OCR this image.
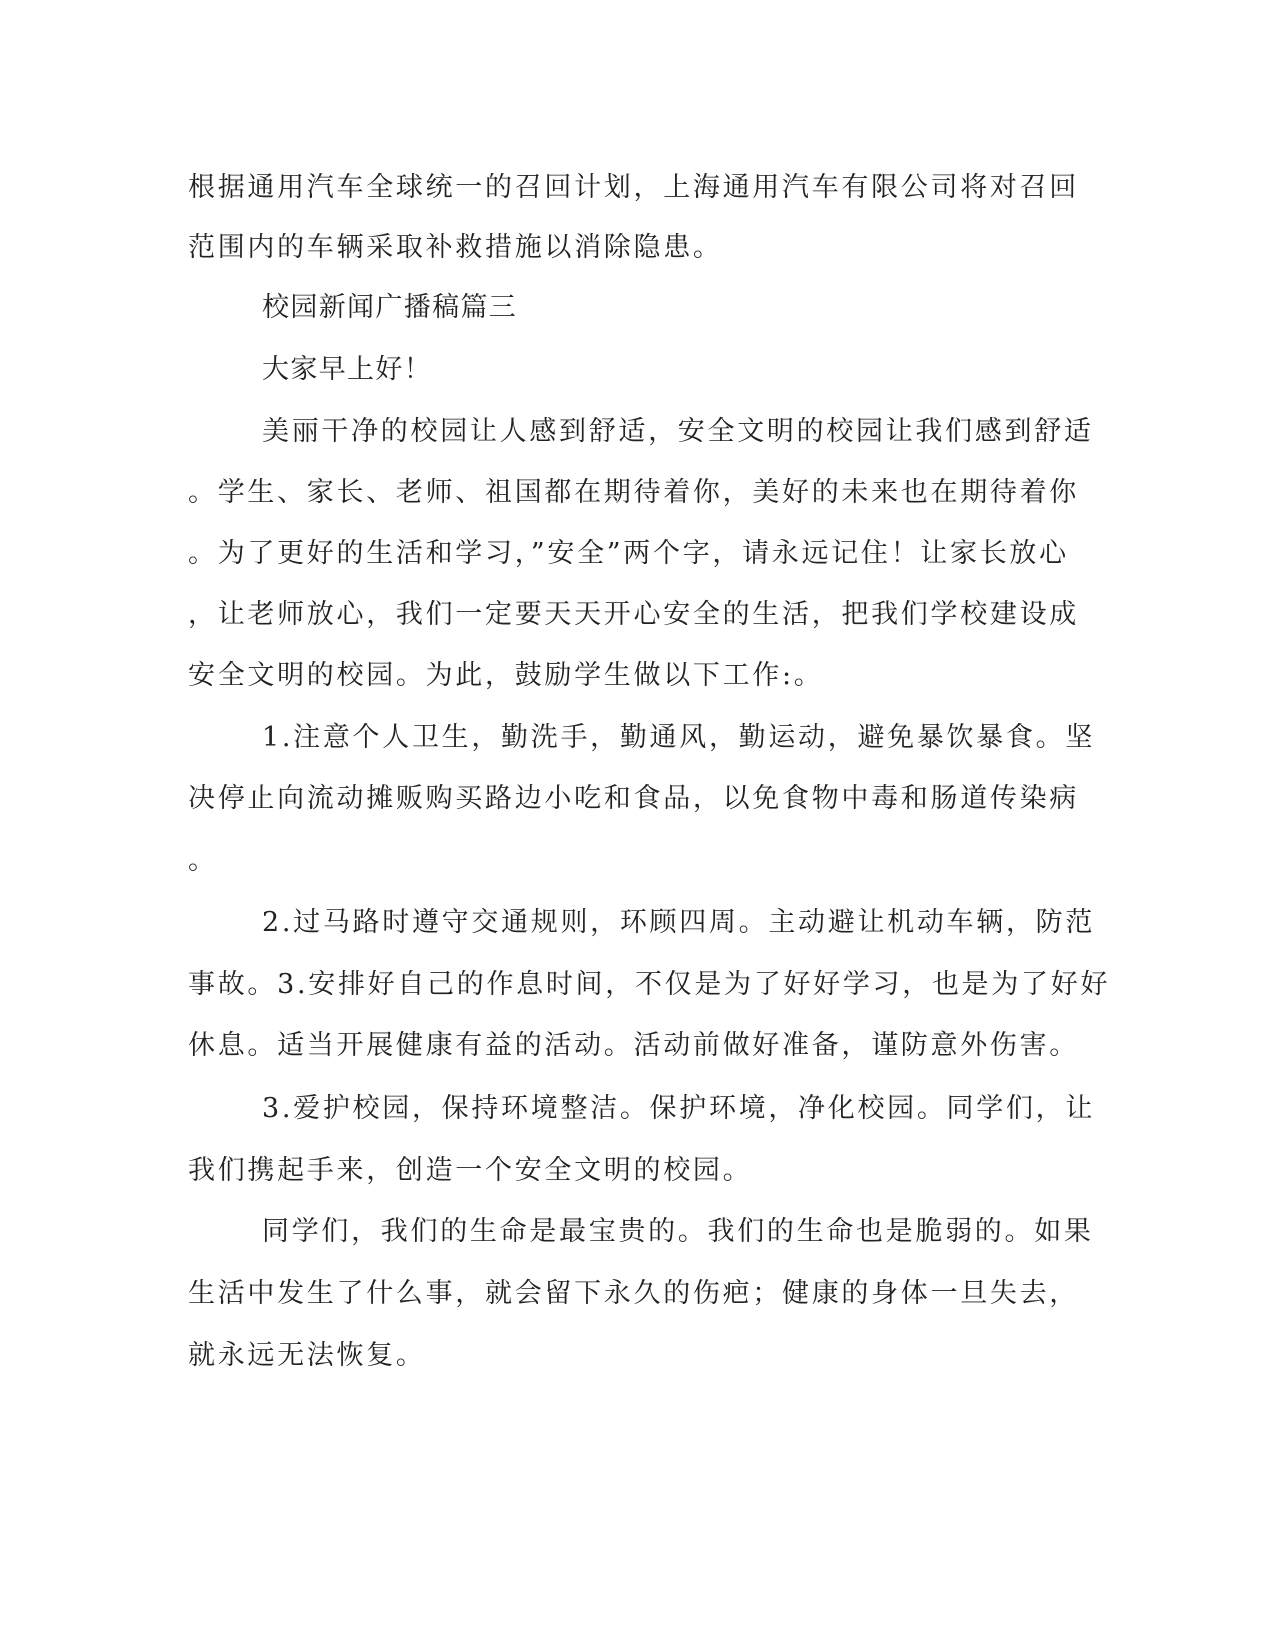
根据通用汽车全球统一的召回计划，上海通用汽车有限公司将对召回
范围内的车辆采取补救措施以消除隐患。
校园新闻广播稿篇三
大家早上好！
美丽干净的校园让人感到舒适，安全文明的校园让我们感到舒适
。学生、家长、老师、祖国都在期待着你，美好的未来也在期待着你
。为了更好的生活和学习，”安全”两个字，请永远记住！让家长放心
，让老师放心，我们一定要天天开心安全的生活，把我们学校建设成
安全文明的校园。为此，鼓励学生做以下工作:。
1.注意个人卫生，勤洗手，勤通风，勤运动，避免暴饮暴食。坚
决停止向流动摊贩购买路边小吃和食品，以免食物中毒和肠道传染病
。
2.过马路时遵守交通规则，环顾四周。主动避让机动车辆，防范
事故。3.安排好自己的作息时间，不仅是为了好好学习，也是为了好好
休息。适当开展健康有益的活动。活动前做好准备，谨防意外伤害。
3.爱护校园，保持环境整洁。保护环境，净化校园。同学们，让
我们携起手来，创造一个安全文明的校园。
同学们，我们的生命是最宝贵的。我们的生命也是脆弱的。如果
生活中发生了什么事，就会留下永久的伤疤；健康的身体一旦失去，
就永远无法恢复。
